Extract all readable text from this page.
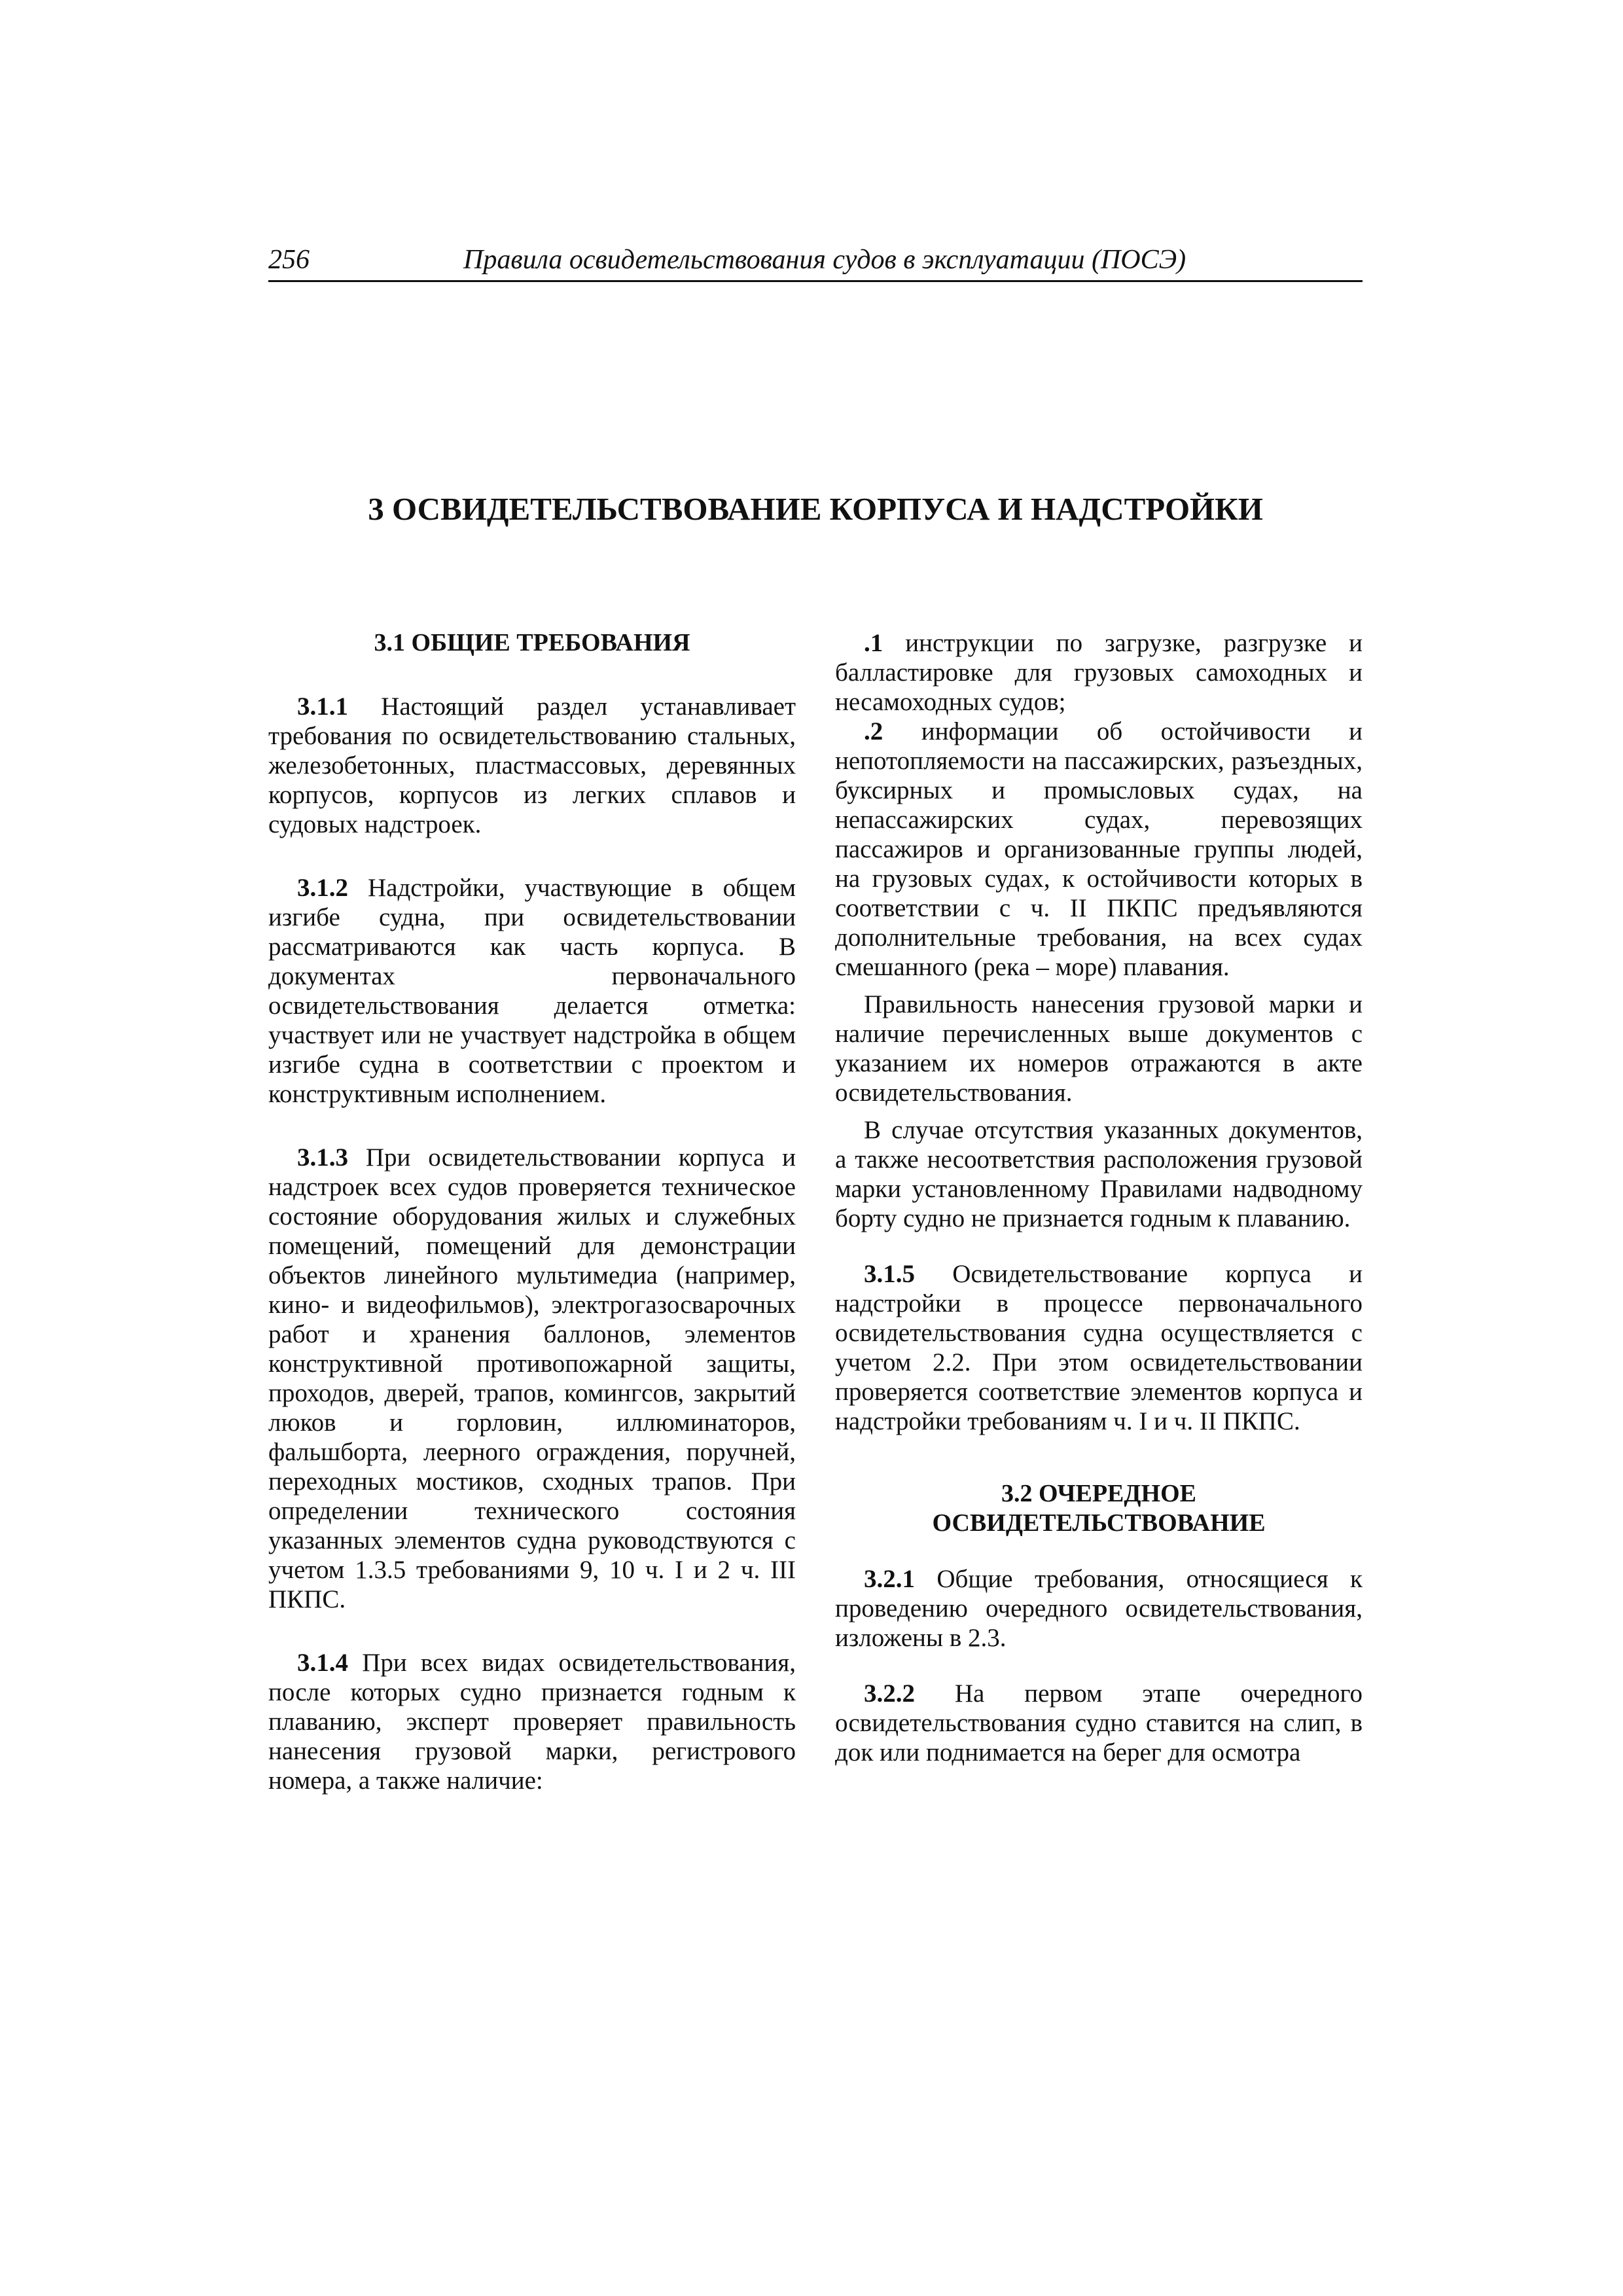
256	Правила освидетельствования судов в эксплуатации (ПОСЭ)
3 ОСВИДЕТЕЛЬСТВОВАНИЕ КОРПУСА И НАДСТРОЙКИ
3.1 ОБЩИЕ ТРЕБОВАНИЯ

3.1.1 Настоящий раздел устанавливает требования по освидетельствованию стальных, железобетонных, пластмассовых, деревянных корпусов, корпусов из легких сплавов и судовых надстроек.

3.1.2 Надстройки, участвующие в общем изгибе судна, при освидетельствовании рассматриваются как часть корпуса. В документах первоначального освидетельствования делается отметка: участвует или не участвует надстройка в общем изгибе судна в соответствии с проектом и конструктивным исполнением.

3.1.3 При освидетельствовании корпуса и надстроек всех судов проверяется техническое состояние оборудования жилых и служебных помещений, помещений для демонстрации объектов линейного мультимедиа (например, кино- и видеофильмов), электрогазосварочных работ и хранения баллонов, элементов конструктивной противопожарной защиты, проходов, дверей, трапов, комингсов, закрытий люков и горловин, иллюминаторов, фальшборта, леерного ограждения, поручней, переходных мостиков, сходных трапов. При определении технического состояния указанных элементов судна руководствуются с учетом 1.3.5 требованиями 9, 10 ч. I и 2 ч. III ПКПС.

3.1.4 При всех видах освидетельствования, после которых судно признается годным к плаванию, эксперт проверяет правильность нанесения грузовой марки, регистрового номера, а также наличие:

.1 инструкции по загрузке, разгрузке и балластировке для грузовых самоходных и несамоходных судов;

.2 информации об остойчивости и непотопляемости на пассажирских, разъездных, буксирных и промысловых судах, на непассажирских судах, перевозящих пассажиров и организованные группы людей, на грузовых судах, к остойчивости которых в соответствии с ч. II ПКПС предъявляются дополнительные требования, на всех судах смешанного (река – море) плавания.

Правильность нанесения грузовой марки и наличие перечисленных выше документов с указанием их номеров отражаются в акте освидетельствования.

В случае отсутствия указанных документов, а также несоответствия расположения грузовой марки установленному Правилами надводному борту судно не признается годным к плаванию.

3.1.5 Освидетельствование корпуса и надстройки в процессе первоначального освидетельствования судна осуществляется с учетом 2.2. При этом освидетельствовании проверяется соответствие элементов корпуса и надстройки требованиям ч. I и ч. II ПКПС.

3.2 ОЧЕРЕДНОЕ
ОСВИДЕТЕЛЬСТВОВАНИЕ

3.2.1 Общие требования, относящиеся к проведению очередного освидетельствования, изложены в 2.3.

3.2.2 На первом этапе очередного освидетельствования судно ставится на слип, в док или поднимается на берег для осмотра
